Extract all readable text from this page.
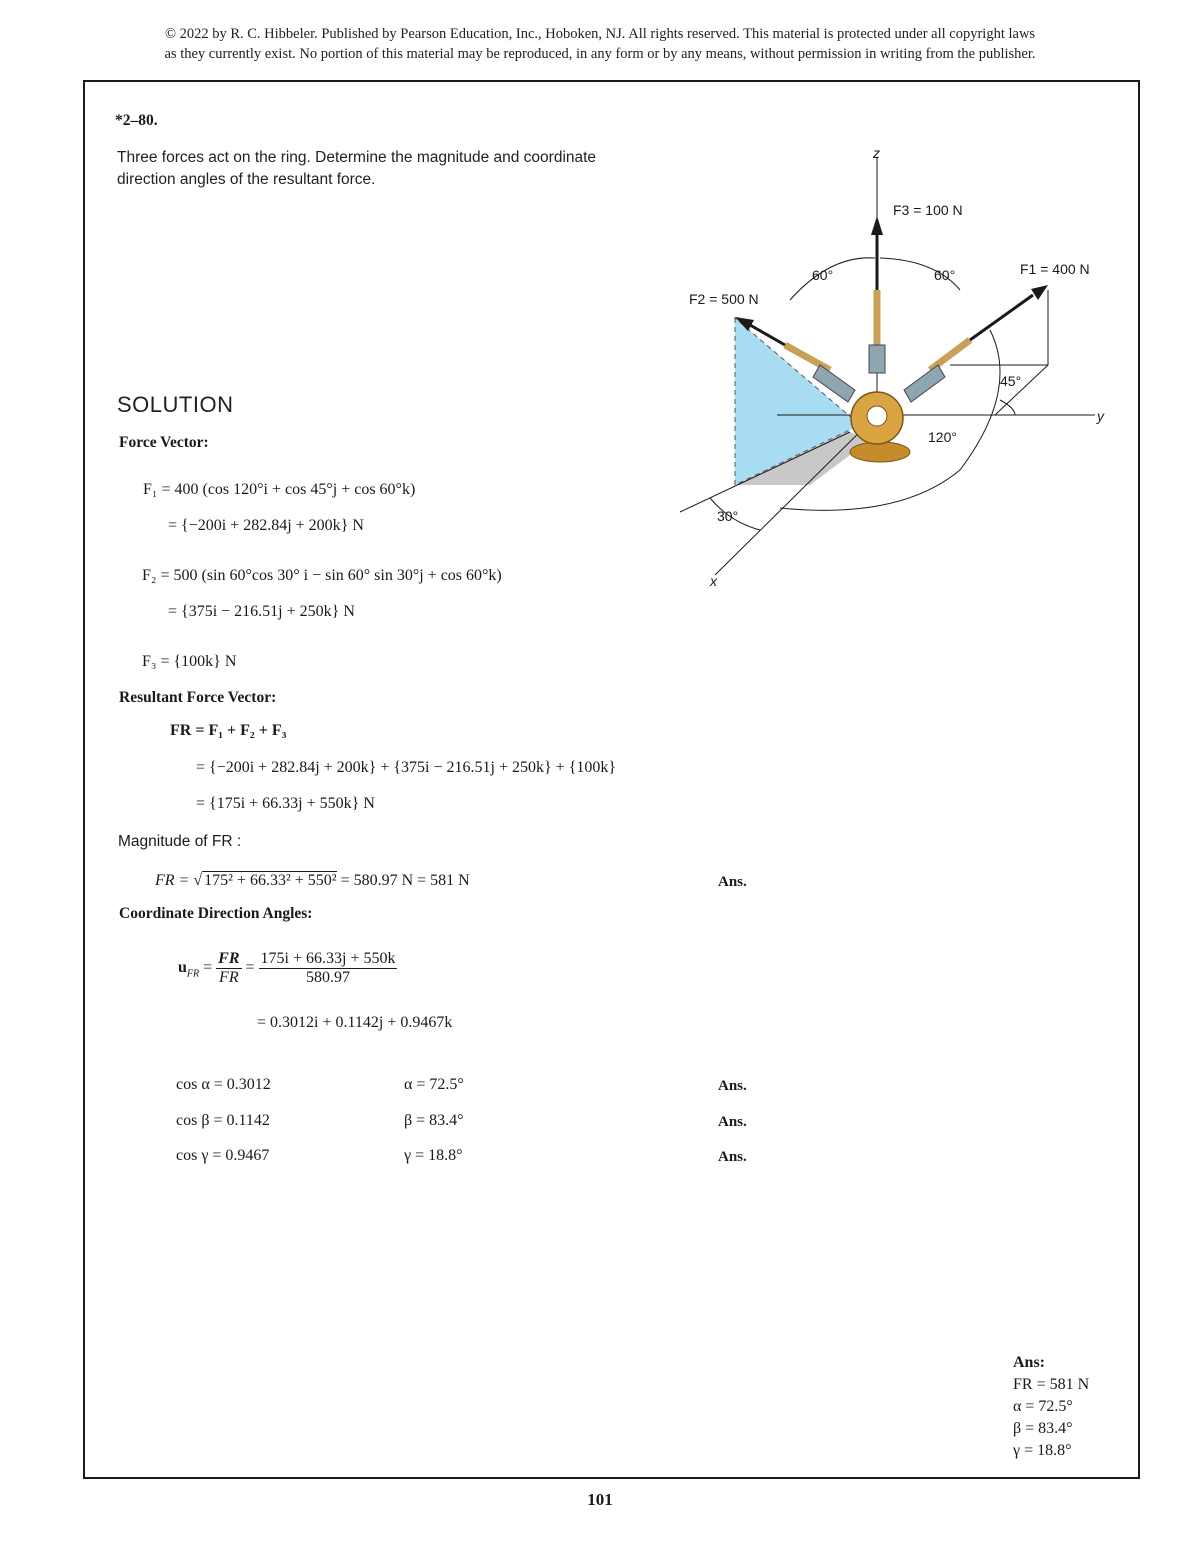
© 2022 by R. C. Hibbeler. Published by Pearson Education, Inc., Hoboken, NJ. All rights reserved. This material is protected under all copyright laws
as they currently exist. No portion of this material may be reproduced, in any form or by any means, without permission in writing from the publisher.
*2–80.
Three forces act on the ring. Determine the magnitude and coordinate direction angles of the resultant force.
z
y
x
F3 = 100 N
F1 = 400 N
F2 = 500 N
60°	60°
45°
120°
30°
SOLUTION
Force Vector:
F₁ = 400 (cos 120°i + cos 45°j + cos 60°k)
= {−200i + 282.84j + 200k} N
F₂ = 500 (sin 60°cos 30° i − sin 60° sin 30°j + cos 60°k)
= {375i − 216.51j + 250k} N
F₃ = {100k} N
Resultant Force Vector:
FR = F₁ + F₂ + F₃
= {−200i + 282.84j + 200k} + {375i − 216.51j + 250k} + {100k}
= {175i + 66.33j + 550k} N
Magnitude of FR :
FR = √ 175² + 66.33² + 550² = 580.97 N = 581 N	Ans.
Coordinate Direction Angles:
$u_{FR} = \frac{FR}{FR} = \frac{175i + 66.33j + 550k}{580.97}$
= 0.3012i + 0.1142j + 0.9467k
cos α = 0.3012	α = 72.5°	Ans.
cos β = 0.1142	β = 83.4°	Ans.
cos γ = 0.9467	γ = 18.8°	Ans.
Ans:
FR = 581 N
α = 72.5°
β = 83.4°
γ = 18.8°
101
